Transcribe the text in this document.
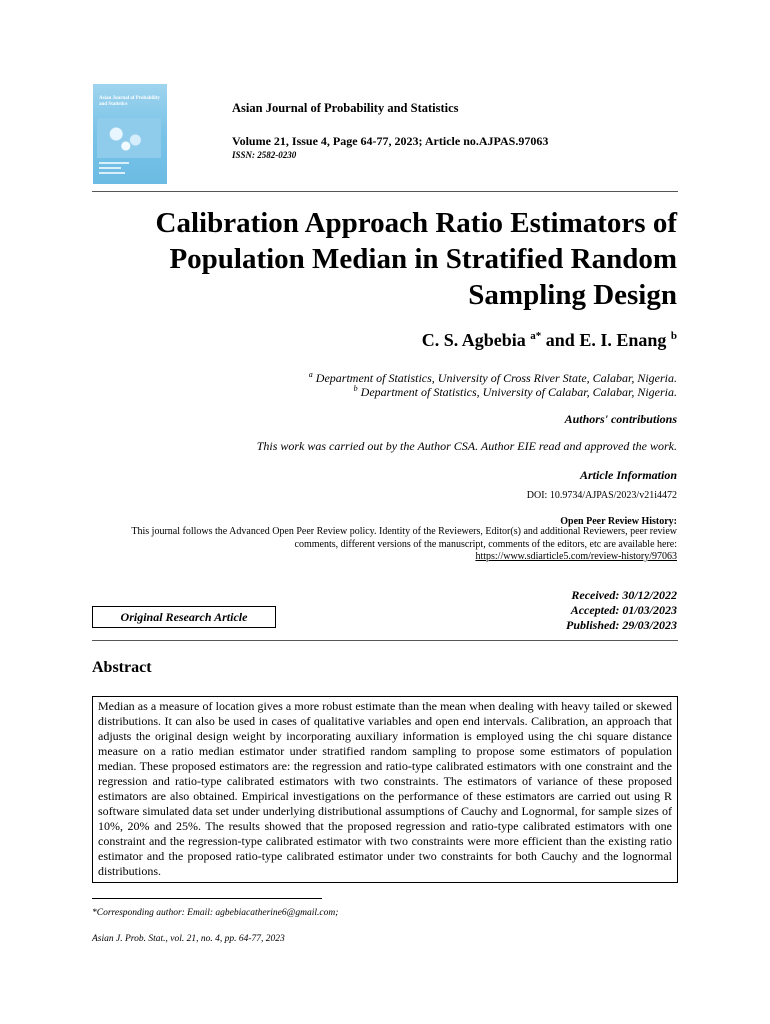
Asian Journal of Probability and Statistics	Asian Journal of Probability and Statistics
Volume 21, Issue 4, Page 64-77, 2023; Article no.AJPAS.97063
ISSN: 2582-0230
Calibration Approach Ratio Estimators of
Population Median in Stratified Random
Sampling Design
C. S. Agbebia $^{a*}$ and E. I. Enang $^b$
$^a$ Department of Statistics, University of Cross River State, Calabar, Nigeria.
$^b$ Department of Statistics, University of Calabar, Calabar, Nigeria.
Authors' contributions
This work was carried out by the Author CSA. Author EIE read and approved the work.
Article Information
DOI: 10.9734/AJPAS/2023/v21i4472
Open Peer Review History:
This journal follows the Advanced Open Peer Review policy. Identity of the Reviewers, Editor(s) and additional Reviewers, peer review
comments, different versions of the manuscript, comments of the editors, etc are available here:
https://www.sdiarticle5.com/review-history/97063
Received: 30/12/2022
Accepted: 01/03/2023
Published: 29/03/2023
Original Research Article
Abstract
Median as a measure of location gives a more robust estimate than the mean when dealing with heavy tailed or skewed distributions. It can also be used in cases of qualitative variables and open end intervals. Calibration, an approach that adjusts the original design weight by incorporating auxiliary information is employed using the chi square distance measure on a ratio median estimator under stratified random sampling to propose some estimators of population median. These proposed estimators are: the regression and ratio-type calibrated estimators with one constraint and the regression and ratio-type calibrated estimators with two constraints. The estimators of variance of these proposed estimators are also obtained. Empirical investigations on the performance of these estimators are carried out using R software simulated data set under underlying distributional assumptions of Cauchy and Lognormal, for sample sizes of 10%, 20% and 25%. The results showed that the proposed regression and ratio-type calibrated estimators with one constraint and the regression-type calibrated estimator with two constraints were more efficient than the existing ratio estimator and the proposed ratio-type calibrated estimator under two constraints for both Cauchy and the lognormal distributions.
*Corresponding author: Email: agbebiacatherine6@gmail.com;
Asian J. Prob. Stat., vol. 21, no. 4, pp. 64-77, 2023
